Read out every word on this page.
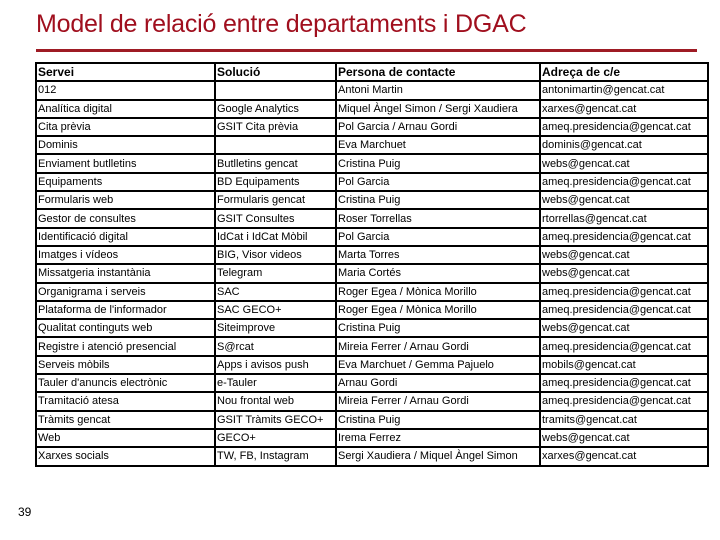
Model de relació entre departaments i DGAC
Servei	Solució	Persona de contacte	Adreça de c/e
012		Antoni Martin	antonimartin@gencat.cat
Analítica digital	Google Analytics	Miquel Àngel Simon / Sergi Xaudiera	xarxes@gencat.cat
Cita prèvia	GSIT Cita prèvia	Pol Garcia / Arnau Gordi	ameq.presidencia@gencat.cat
Dominis		Eva Marchuet	dominis@gencat.cat
Enviament butlletins	Butlletins gencat	Cristina Puig	webs@gencat.cat
Equipaments	BD Equipaments	Pol Garcia	ameq.presidencia@gencat.cat
Formularis web	Formularis gencat	Cristina Puig	webs@gencat.cat
Gestor de consultes	GSIT Consultes	Roser Torrellas	rtorrellas@gencat.cat
Identificació digital	IdCat i IdCat Mòbil	Pol Garcia	ameq.presidencia@gencat.cat
Imatges i vídeos	BIG, Visor videos	Marta Torres	webs@gencat.cat
Missatgeria instantània	Telegram	Maria Cortés	webs@gencat.cat
Organigrama i serveis	SAC	Roger Egea / Mònica Morillo	ameq.presidencia@gencat.cat
Plataforma de l'informador	SAC GECO+	Roger Egea / Mònica Morillo	ameq.presidencia@gencat.cat
Qualitat continguts web	Siteimprove	Cristina Puig	webs@gencat.cat
Registre i atenció presencial	S@rcat	Mireia Ferrer / Arnau Gordi	ameq.presidencia@gencat.cat
Serveis mòbils	Apps i avisos push	Eva Marchuet / Gemma Pajuelo	mobils@gencat.cat
Tauler d'anuncis electrònic	e-Tauler	Arnau Gordi	ameq.presidencia@gencat.cat
Tramitació atesa	Nou frontal web	Mireia Ferrer / Arnau Gordi	ameq.presidencia@gencat.cat
Tràmits gencat	GSIT Tràmits GECO+	Cristina Puig	tramits@gencat.cat
Web	GECO+	Irema Ferrez	webs@gencat.cat
Xarxes socials	TW, FB, Instagram	Sergi Xaudiera / Miquel Àngel Simon	xarxes@gencat.cat
39
